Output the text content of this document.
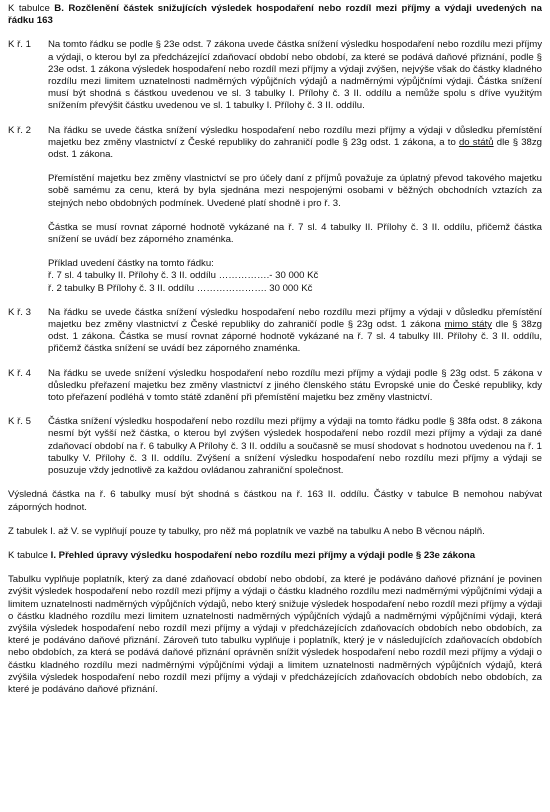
K tabulce B. Rozčlenění částek snižujících výsledek hospodaření nebo rozdíl mezi příjmy a výdaji uvedených na řádku 163

K ř. 1	Na tomto řádku se podle § 23e odst. 7 zákona uvede částka snížení výsledku hospodaření nebo rozdílu mezi příjmy a výdaji, o kterou byl za předcházející zdaňovací období nebo období, za které se podává daňové přiznání, podle § 23e odst. 1 zákona výsledek hospodaření nebo rozdíl mezi příjmy a výdaji zvýšen, nejvýše však do částky kladného rozdílu mezi limitem uznatelnosti nadměrných výpůjčních výdajů a nadměrnými výpůjčními výdaji. Částka snížení musí být shodná s částkou uvedenou ve sl. 3 tabulky I. Přílohy č. 3 II. oddílu a nemůže spolu s dříve využitým snížením převýšit částku uvedenou ve sl. 1 tabulky I. Přílohy č. 3 II. oddílu.

K ř. 2	Na řádku se uvede částka snížení výsledku hospodaření nebo rozdílu mezi příjmy a výdaji v důsledku přemístění majetku bez změny vlastnictví z České republiky do zahraničí podle § 23g odst. 1 zákona, a to do států dle § 38zg odst. 1 zákona.

Přemístění majetku bez změny vlastnictví se pro účely daní z příjmů považuje za úplatný převod takového majetku sobě samému za cenu, která by byla sjednána mezi nespojenými osobami v běžných obchodních vztazích za stejných nebo obdobných podmínek. Uvedené platí shodně i pro ř. 3.

Částka se musí rovnat záporné hodnotě vykázané na ř. 7 sl. 4 tabulky II. Přílohy č. 3 II. oddílu, přičemž částka snížení se uvádí bez záporného znaménka.

Příklad uvedení částky na tomto řádku:
ř. 7 sl. 4 tabulky II. Přílohy č. 3 II. oddílu …………….- 30 000 Kč
ř. 2 tabulky B Přílohy č. 3 II. oddílu …………………. 30 000 Kč

K ř. 3	Na řádku se uvede částka snížení výsledku hospodaření nebo rozdílu mezi příjmy a výdaji v důsledku přemístění majetku bez změny vlastnictví z České republiky do zahraničí podle § 23g odst. 1 zákona mimo státy dle § 38zg odst. 1 zákona. Částka se musí rovnat záporné hodnotě vykázané na ř. 7 sl. 4 tabulky III. Přílohy č. 3 II. oddílu, přičemž částka snížení se uvádí bez záporného znaménka.

K ř. 4	Na řádku se uvede snížení výsledku hospodaření nebo rozdílu mezi příjmy a výdaji podle § 23g odst. 5 zákona v důsledku přeřazení majetku bez změny vlastnictví z jiného členského státu Evropské unie do České republiky, kdy toto přeřazení podléhá v tomto státě zdanění při přemístění majetku bez změny vlastnictví.

K ř. 5	Částka snížení výsledku hospodaření nebo rozdílu mezi příjmy a výdaji na tomto řádku podle § 38fa odst. 8 zákona nesmí být vyšší než částka, o kterou byl zvýšen výsledek hospodaření nebo rozdíl mezi příjmy a výdaji za dané zdaňovací období na ř. 6 tabulky A Přílohy č. 3 II. oddílu a současně se musí shodovat s hodnotou uvedenou na ř. 1 tabulky V. Přílohy č. 3 II. oddílu. Zvýšení a snížení výsledku hospodaření nebo rozdílu mezi příjmy a výdaji se posuzuje vždy jednotlivě za každou ovládanou zahraniční společnost.

Výsledná částka na ř. 6 tabulky musí být shodná s částkou na ř. 163 II. oddílu. Částky v tabulce B nemohou nabývat záporných hodnot.

Z tabulek I. až V. se vyplňují pouze ty tabulky, pro něž má poplatník ve vazbě na tabulku A nebo B věcnou náplň.

K tabulce I. Přehled úpravy výsledku hospodaření nebo rozdílu mezi příjmy a výdaji podle § 23e zákona

Tabulku vyplňuje poplatník, který za dané zdaňovací období nebo období, za které je podáváno daňové přiznání je povinen zvýšit výsledek hospodaření nebo rozdíl mezi příjmy a výdaji o částku kladného rozdílu mezi nadměrnými výpůjčními výdaji a limitem uznatelnosti nadměrných výpůjčních výdajů, nebo který snižuje výsledek hospodaření nebo rozdíl mezi příjmy a výdaji o částku kladného rozdílu mezi limitem uznatelnosti nadměrných výpůjčních výdajů a nadměrnými výpůjčními výdaji, která zvýšila výsledek hospodaření nebo rozdíl mezi příjmy a výdaji v předcházejících zdaňovacích obdobích nebo obdobích, za které je podáváno daňové přiznání. Zároveň tuto tabulku vyplňuje i poplatník, který je v následujících zdaňovacích obdobích nebo obdobích, za která se podává daňové přiznání oprávněn snížit výsledek hospodaření nebo rozdíl mezi příjmy a výdaji o částku kladného rozdílu mezi nadměrnými výpůjčními výdaji a limitem uznatelnosti nadměrných výpůjčních výdajů, která zvýšila výsledek hospodaření nebo rozdíl mezi příjmy a výdaji v předcházejících zdaňovacích obdobích nebo obdobích, za které je podáváno daňové přiznání.
